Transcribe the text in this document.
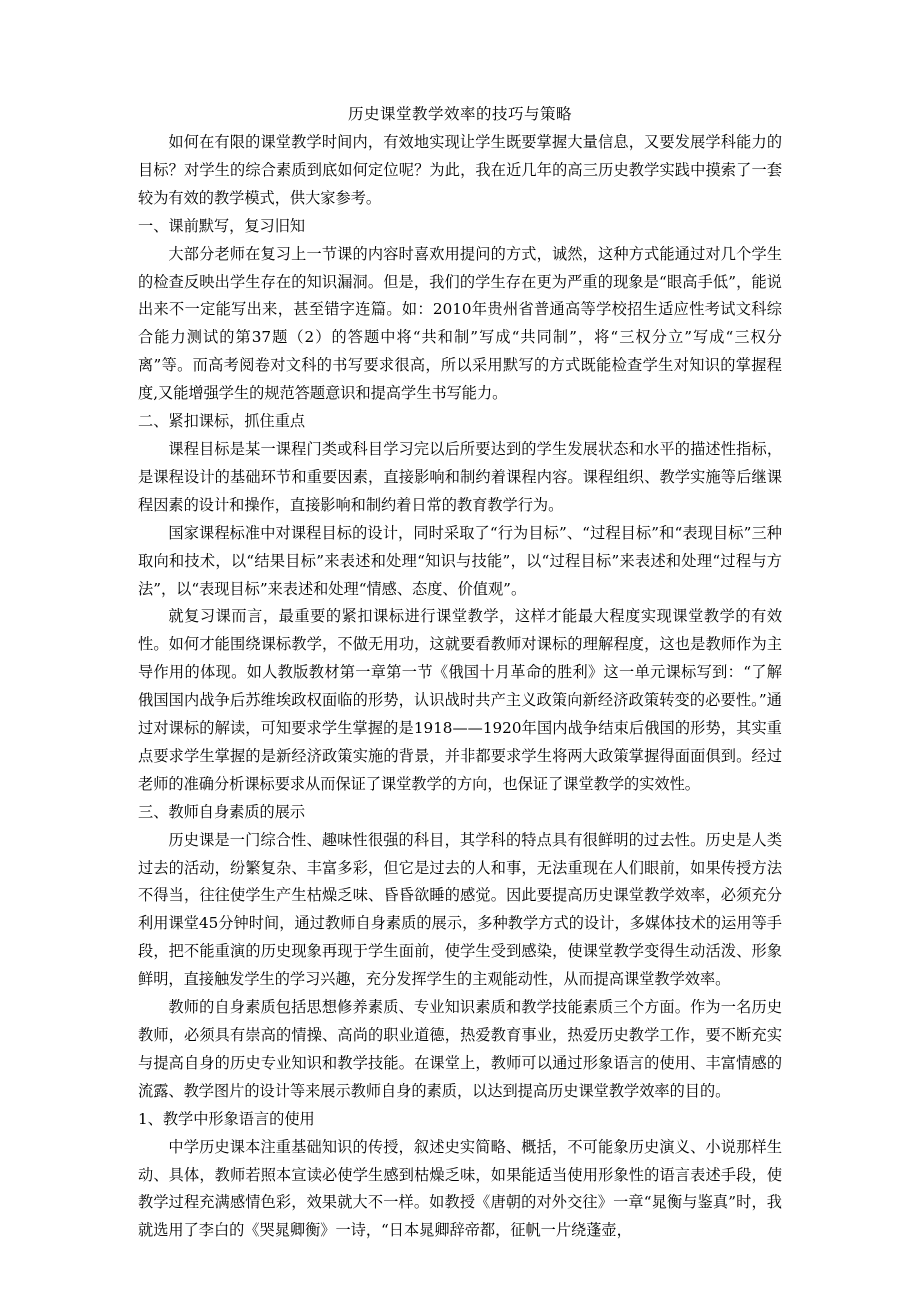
历史课堂教学效率的技巧与策略
如何在有限的课堂教学时间内，有效地实现让学生既要掌握大量信息，又要发展学科能力的目标？对学生的综合素质到底如何定位呢？为此，我在近几年的高三历史教学实践中摸索了一套较为有效的教学模式，供大家参考。
一、课前默写，复习旧知
大部分老师在复习上一节课的内容时喜欢用提问的方式，诚然，这种方式能通过对几个学生的检查反映出学生存在的知识漏洞。但是，我们的学生存在更为严重的现象是“眼高手低”，能说出来不一定能写出来，甚至错字连篇。如：2010年贵州省普通高等学校招生适应性考试文科综合能力测试的第37题（2）的答题中将“共和制”写成“共同制”，将“三权分立”写成“三权分离”等。而高考阅卷对文科的书写要求很高，所以采用默写的方式既能检查学生对知识的掌握程度,又能增强学生的规范答题意识和提高学生书写能力。
二、紧扣课标，抓住重点
课程目标是某一课程门类或科目学习完以后所要达到的学生发展状态和水平的描述性指标，是课程设计的基础环节和重要因素，直接影响和制约着课程内容。课程组织、教学实施等后继课程因素的设计和操作，直接影响和制约着日常的教育教学行为。
国家课程标准中对课程目标的设计，同时采取了“行为目标”、“过程目标”和“表现目标”三种取向和技术，以“结果目标”来表述和处理“知识与技能”，以“过程目标”来表述和处理“过程与方法”，以“表现目标”来表述和处理“情感、态度、价值观”。
就复习课而言，最重要的紧扣课标进行课堂教学，这样才能最大程度实现课堂教学的有效性。如何才能围绕课标教学，不做无用功，这就要看教师对课标的理解程度，这也是教师作为主导作用的体现。如人教版教材第一章第一节《俄国十月革命的胜利》这一单元课标写到：“了解俄国国内战争后苏维埃政权面临的形势，认识战时共产主义政策向新经济政策转变的必要性。”通过对课标的解读，可知要求学生掌握的是1918——1920年国内战争结束后俄国的形势，其实重点要求学生掌握的是新经济政策实施的背景，并非都要求学生将两大政策掌握得面面俱到。经过老师的准确分析课标要求从而保证了课堂教学的方向，也保证了课堂教学的实效性。
三、教师自身素质的展示
历史课是一门综合性、趣味性很强的科目，其学科的特点具有很鲜明的过去性。历史是人类过去的活动，纷繁复杂、丰富多彩，但它是过去的人和事，无法重现在人们眼前，如果传授方法不得当，往往使学生产生枯燥乏味、昏昏欲睡的感觉。因此要提高历史课堂教学效率，必须充分利用课堂45分钟时间，通过教师自身素质的展示，多种教学方式的设计，多媒体技术的运用等手段，把不能重演的历史现象再现于学生面前，使学生受到感染，使课堂教学变得生动活泼、形象鲜明，直接触发学生的学习兴趣，充分发挥学生的主观能动性，从而提高课堂教学效率。
教师的自身素质包括思想修养素质、专业知识素质和教学技能素质三个方面。作为一名历史教师，必须具有崇高的情操、高尚的职业道德，热爱教育事业，热爱历史教学工作，要不断充实与提高自身的历史专业知识和教学技能。在课堂上，教师可以通过形象语言的使用、丰富情感的流露、教学图片的设计等来展示教师自身的素质，以达到提高历史课堂教学效率的目的。
1、教学中形象语言的使用
中学历史课本注重基础知识的传授，叙述史实简略、概括，不可能象历史演义、小说那样生动、具体，教师若照本宣读必使学生感到枯燥乏味，如果能适当使用形象性的语言表述手段，使教学过程充满感情色彩，效果就大不一样。如教授《唐朝的对外交往》一章“晁衡与鉴真”时，我就选用了李白的《哭晁卿衡》一诗，“日本晁卿辞帝都，征帆一片绕蓬壶，
